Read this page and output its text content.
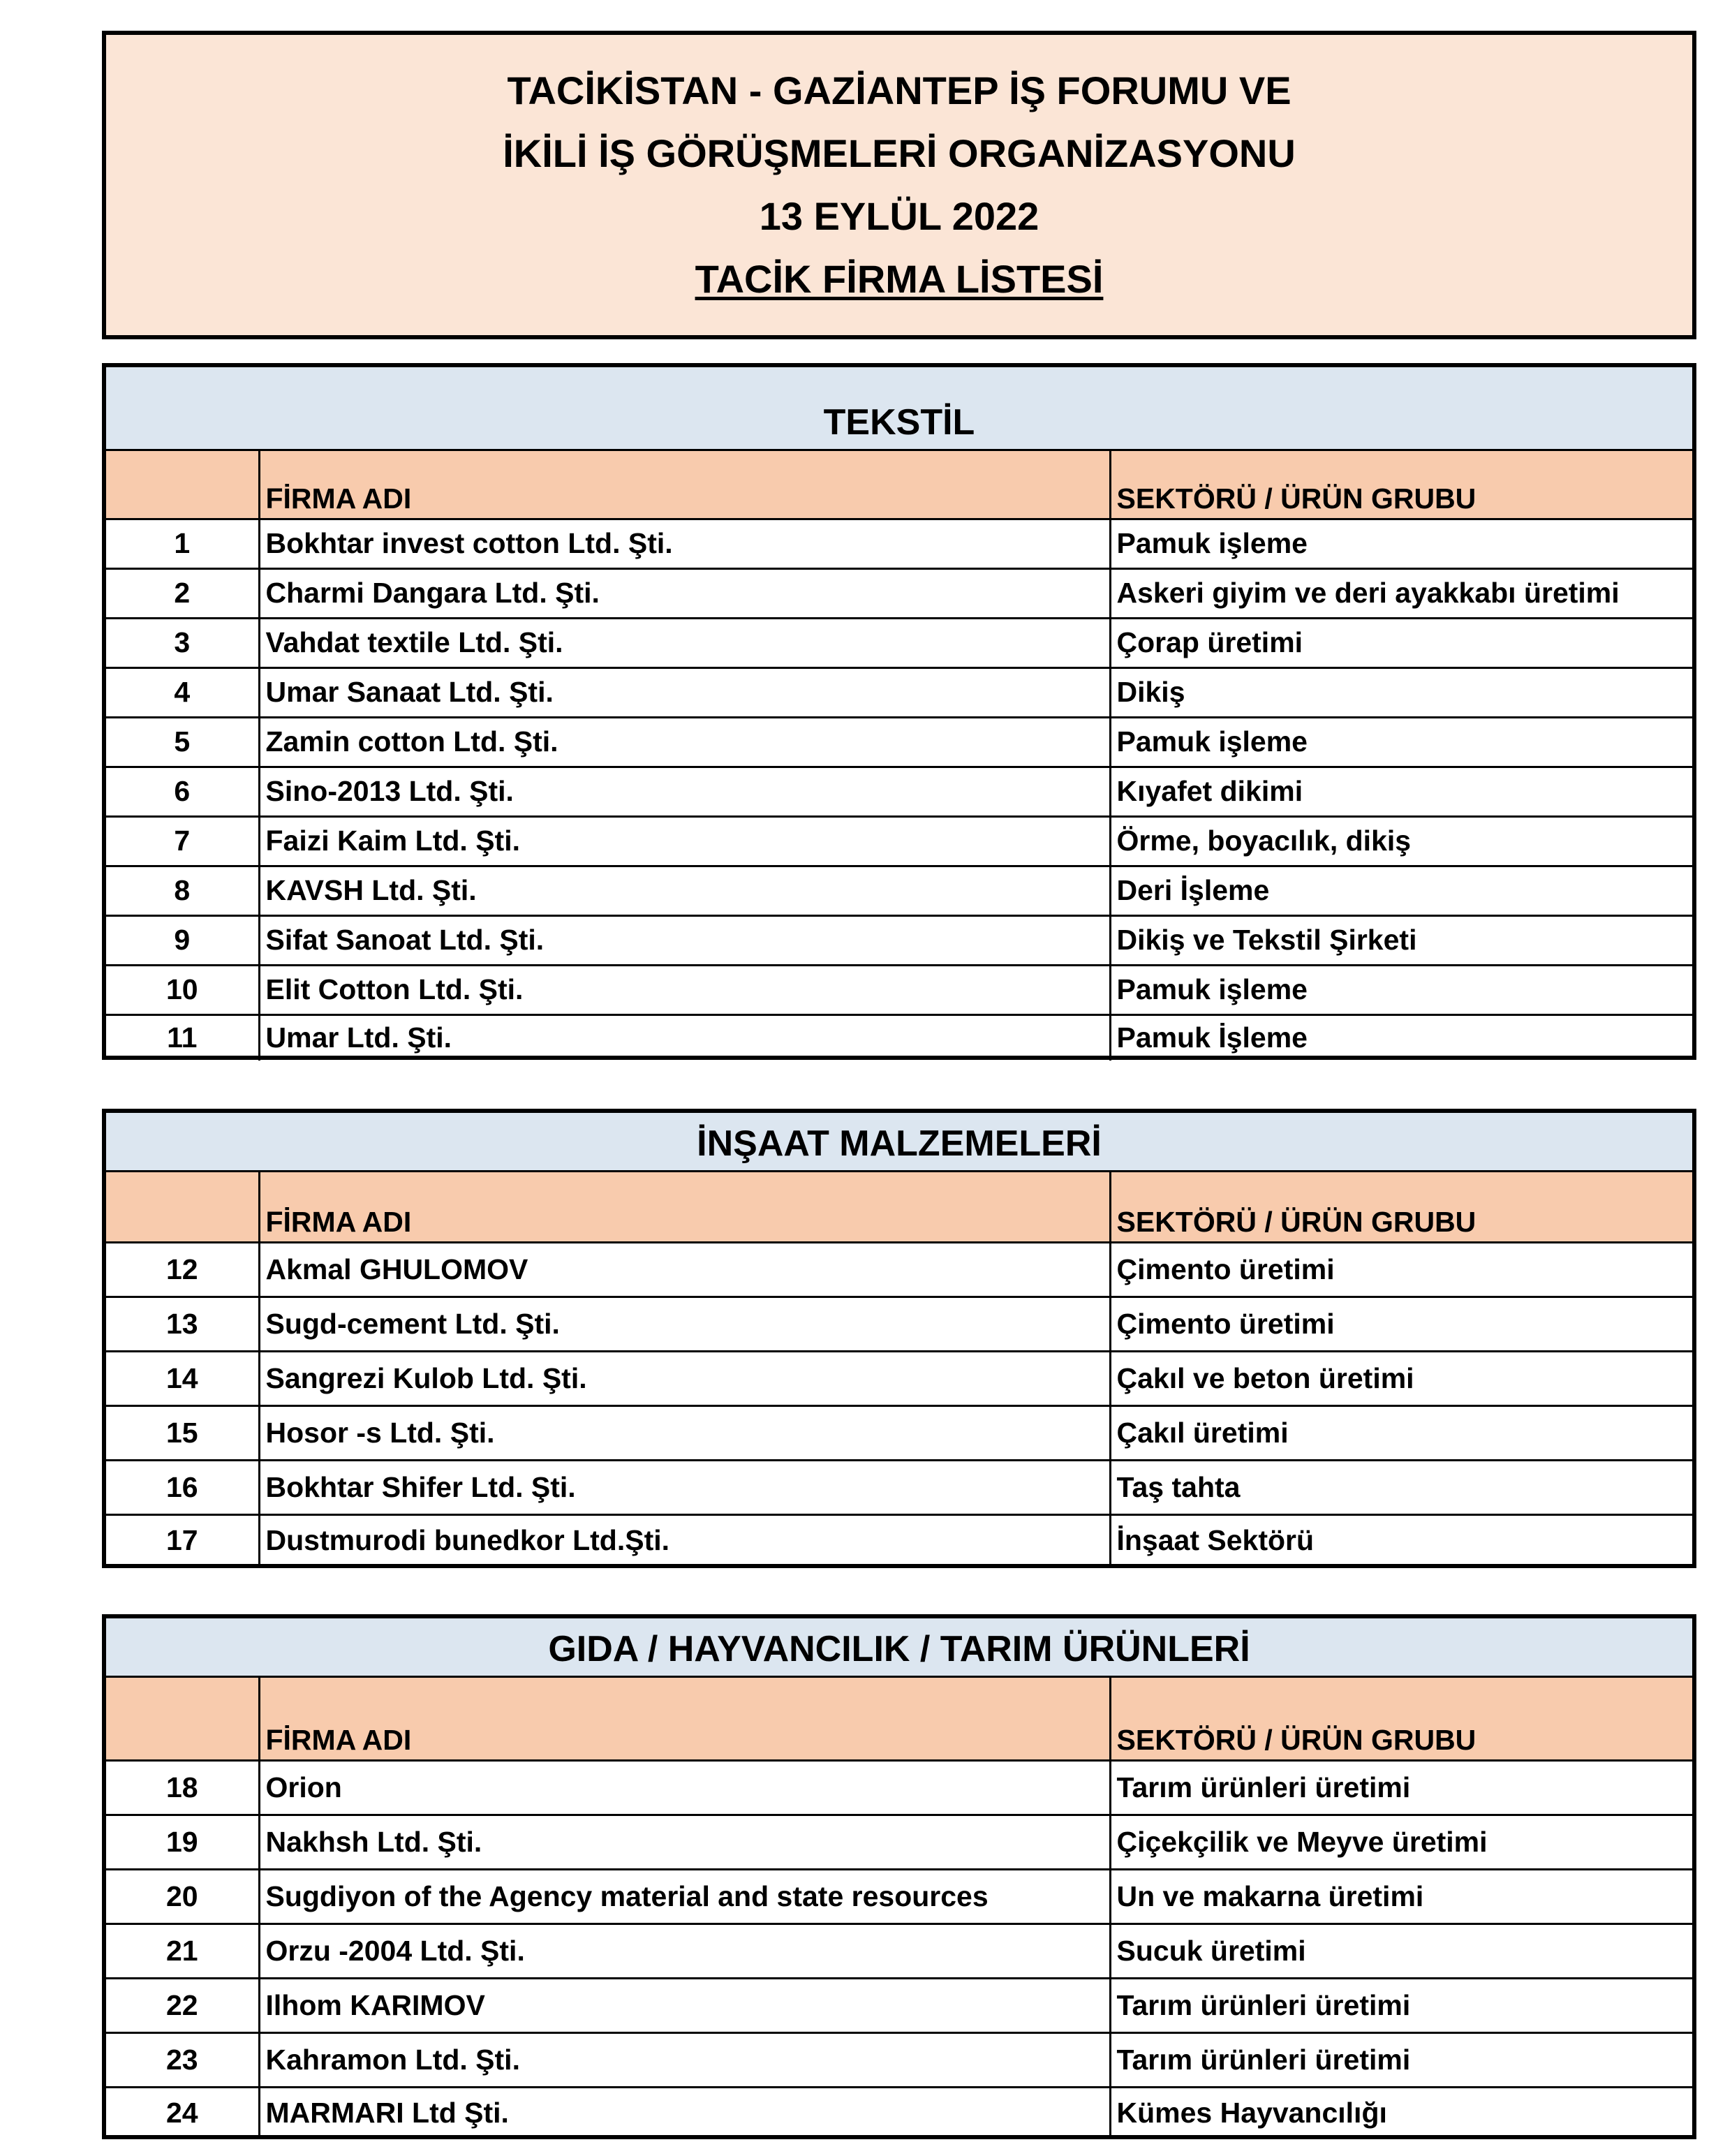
TACİKİSTAN - GAZİANTEP İŞ FORUMU VE
İKİLİ İŞ GÖRÜŞMELERİ ORGANİZASYONU
13 EYLÜL 2022
TACİK FİRMA LİSTESİ
TEKSTİL
	FİRMA ADI	SEKTÖRÜ / ÜRÜN GRUBU
1	Bokhtar invest cotton Ltd. Şti.	Pamuk işleme
2	Charmi Dangara Ltd. Şti.	Askeri giyim ve deri ayakkabı üretimi
3	Vahdat textile Ltd. Şti.	Çorap üretimi
4	Umar Sanaat Ltd. Şti.	Dikiş
5	Zamin cotton Ltd. Şti.	Pamuk işleme
6	Sino-2013 Ltd. Şti.	Kıyafet dikimi
7	Faizi Kaim Ltd. Şti.	Örme, boyacılık, dikiş
8	KAVSH Ltd. Şti.	Deri İşleme
9	Sifat Sanoat Ltd. Şti.	Dikiş ve Tekstil Şirketi
10	Elit Cotton Ltd. Şti.	Pamuk işleme
11	Umar Ltd. Şti.	Pamuk İşleme
İNŞAAT MALZEMELERİ
	FİRMA ADI	SEKTÖRÜ / ÜRÜN GRUBU
12	Akmal GHULOMOV	Çimento üretimi
13	Sugd-cement Ltd. Şti.	Çimento üretimi
14	Sangrezi Kulob Ltd. Şti.	Çakıl ve beton üretimi
15	Hosor -s Ltd. Şti.	Çakıl üretimi
16	Bokhtar Shifer Ltd. Şti.	Taş tahta
17	Dustmurodi bunedkor Ltd.Şti.	İnşaat Sektörü
GIDA / HAYVANCILIK / TARIM ÜRÜNLERİ
	FİRMA ADI	SEKTÖRÜ / ÜRÜN GRUBU
18	Orion	Tarım ürünleri üretimi
19	Nakhsh Ltd. Şti.	Çiçekçilik ve Meyve üretimi
20	Sugdiyon of the Agency material and state resources	Un ve makarna üretimi
21	Orzu -2004 Ltd. Şti.	Sucuk üretimi
22	Ilhom KARIMOV	Tarım ürünleri üretimi
23	Kahramon Ltd. Şti.	Tarım ürünleri üretimi
24	MARMARI Ltd Şti.	Kümes Hayvancılığı
